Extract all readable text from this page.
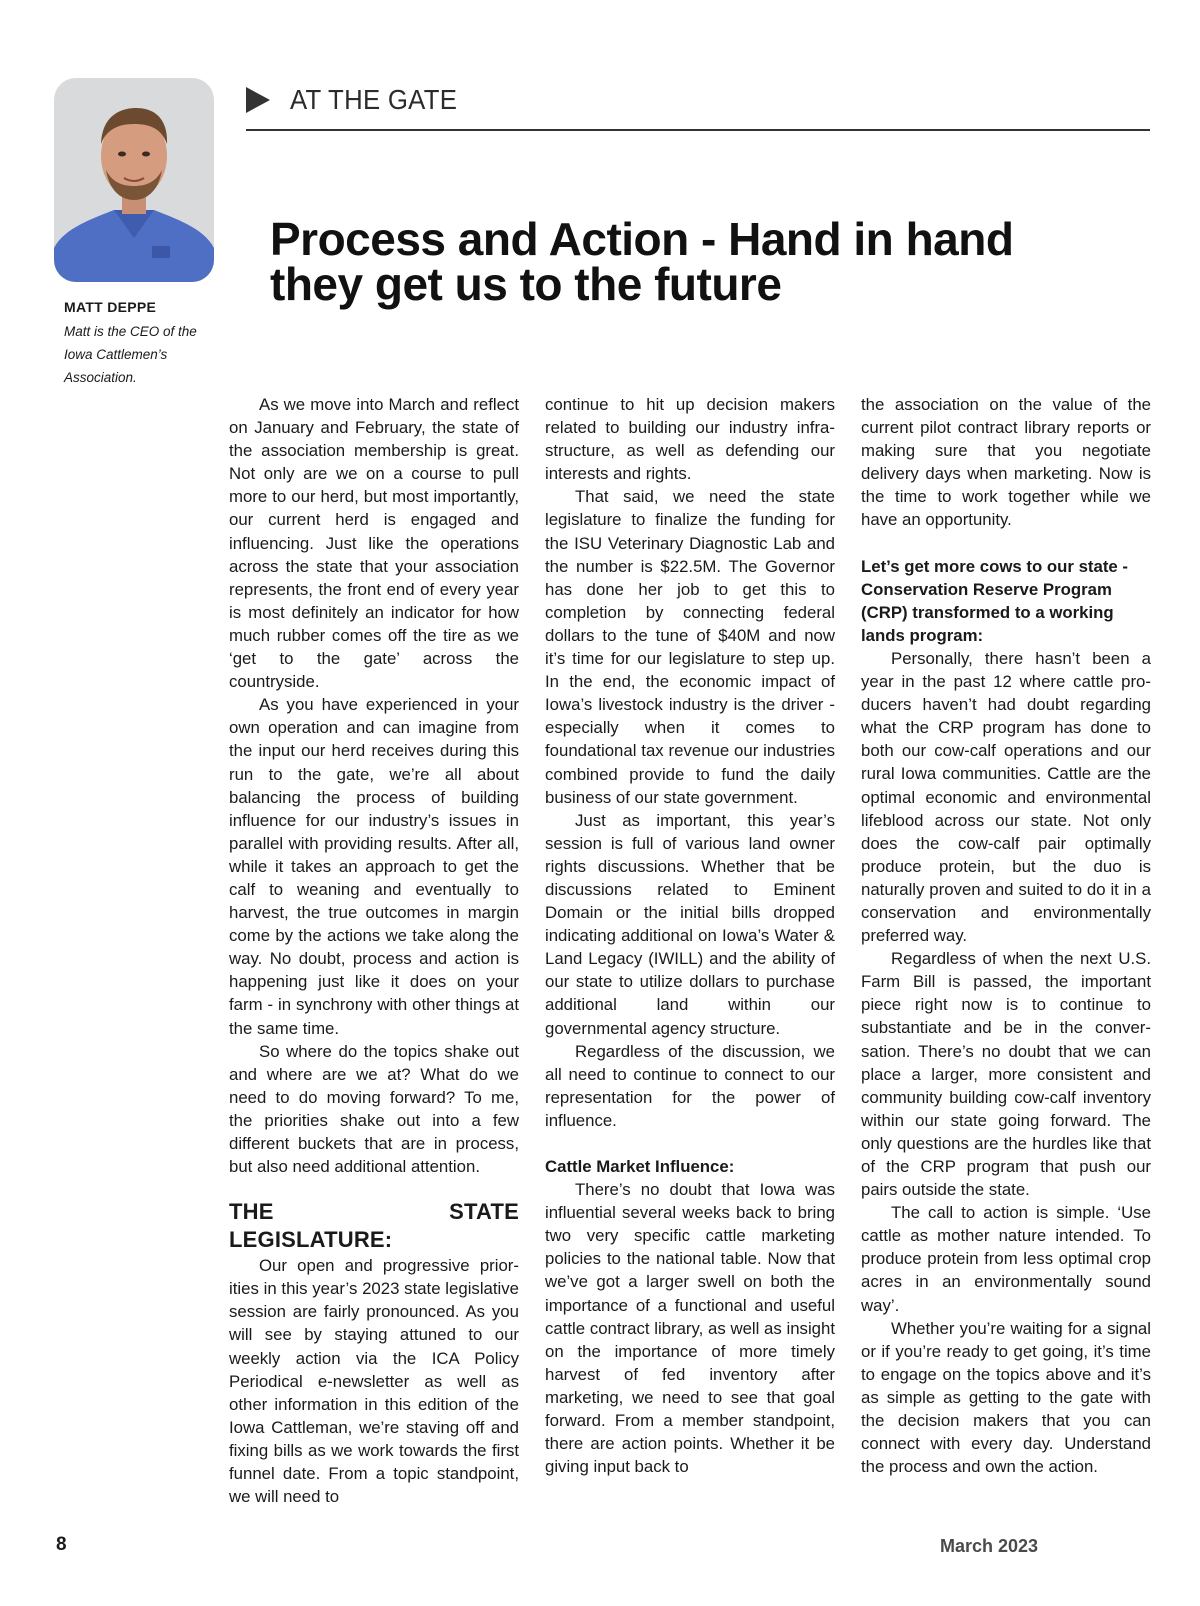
MATT DEPPE
Matt is the CEO of the Iowa Cattlemen’s Association.
AT THE GATE
Process and Action - Hand in hand they get us to the future

As we move into March and reflect on January and February, the state of the association membership is great. Not only are we on a course to pull more to our herd, but most importantly, our current herd is engaged and influencing. Just like the operations across the state that your association represents, the front end of every year is most definitely an indicator for how much rubber comes off the tire as we ‘get to the gate’ across the countryside.

As you have experienced in your own operation and can imagine from the input our herd receives during this run to the gate, we’re all about balancing the process of building influence for our industry’s issues in parallel with providing results. After all, while it takes an approach to get the calf to weaning and eventually to harvest, the true outcomes in margin come by the actions we take along the way. No doubt, process and action is happening just like it does on your farm - in synchrony with other things at the same time.

So where do the topics shake out and where are we at? What do we need to do moving forward? To me, the priorities shake out into a few different buckets that are in process, but also need additional attention.

THE STATE LEGISLATURE:

Our open and progressive priorities in this year’s 2023 state legislative session are fairly pronounced. As you will see by staying attuned to our weekly action via the ICA Policy Periodical e-newsletter as well as other information in this edition of the Iowa Cattleman, we’re staving off and fixing bills as we work towards the first funnel date. From a topic standpoint, we will need to

continue to hit up decision makers related to building our industry infrastructure, as well as defending our interests and rights.

That said, we need the state legislature to finalize the funding for the ISU Veterinary Diagnostic Lab and the number is $22.5M. The Governor has done her job to get this to completion by connecting federal dollars to the tune of $40M and now it’s time for our legislature to step up. In the end, the economic impact of Iowa’s livestock industry is the driver - especially when it comes to foundational tax revenue our industries combined provide to fund the daily business of our state government.

Just as important, this year’s session is full of various land owner rights discussions. Whether that be discussions related to Eminent Domain or the initial bills dropped indicating additional on Iowa’s Water & Land Legacy (IWILL) and the ability of our state to utilize dollars to purchase additional land within our governmental agency structure.

Regardless of the discussion, we all need to continue to connect to our representation for the power of influence.

Cattle Market Influence:

There’s no doubt that Iowa was influential several weeks back to bring two very specific cattle marketing policies to the national table. Now that we’ve got a larger swell on both the importance of a functional and useful cattle contract library, as well as insight on the importance of more timely harvest of fed inventory after marketing, we need to see that goal forward. From a member standpoint, there are action points. Whether it be giving input back to

the association on the value of the current pilot contract library reports or making sure that you negotiate delivery days when marketing. Now is the time to work together while we have an opportunity.

Let’s get more cows to our state - Conservation Reserve Program (CRP) transformed to a working lands program:

Personally, there hasn’t been a year in the past 12 where cattle producers haven’t had doubt regarding what the CRP program has done to both our cow-calf operations and our rural Iowa communities. Cattle are the optimal economic and environmental lifeblood across our state. Not only does the cow-calf pair optimally produce protein, but the duo is naturally proven and suited to do it in a conservation and environmentally preferred way.

Regardless of when the next U.S. Farm Bill is passed, the important piece right now is to continue to substantiate and be in the conversation. There’s no doubt that we can place a larger, more consistent and community building cow-calf inventory within our state going forward. The only questions are the hurdles like that of the CRP program that push our pairs outside the state.

The call to action is simple. ‘Use cattle as mother nature intended. To produce protein from less optimal crop acres in an environmentally sound way’.

Whether you’re waiting for a signal or if you’re ready to get going, it’s time to engage on the topics above and it’s as simple as getting to the gate with the decision makers that you can connect with every day. Understand the process and own the action.

8	March 2023
